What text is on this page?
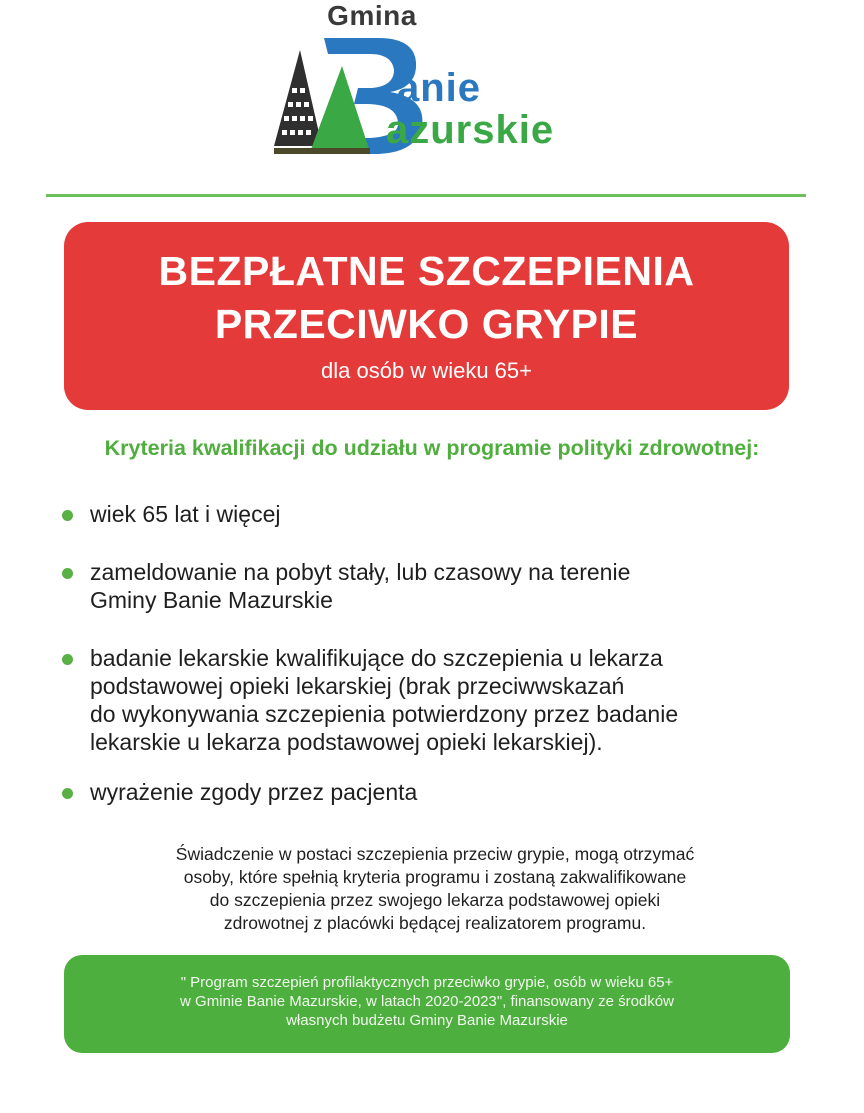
Gmina
anie
azurskie
BEZPŁATNE SZCZEPIENIA
PRZECIWKO GRYPIE
dla osób w wieku 65+
Kryteria kwalifikacji do udziału w programie polityki zdrowotnej:
wiek 65 lat i więcej
zameldowanie na pobyt stały, lub czasowy na terenie
Gminy Banie Mazurskie
badanie lekarskie kwalifikujące do szczepienia u lekarza
podstawowej opieki lekarskiej (brak przeciwwskazań
do wykonywania szczepienia potwierdzony przez badanie
lekarskie u lekarza podstawowej opieki lekarskiej).
wyrażenie zgody przez pacjenta
Świadczenie w postaci szczepienia przeciw grypie, mogą otrzymać
osoby, które spełnią kryteria programu i zostaną zakwalifikowane
do szczepienia przez swojego lekarza podstawowej opieki
zdrowotnej z placówki będącej realizatorem programu.
" Program szczepień profilaktycznych przeciwko grypie, osób w wieku 65+
w Gminie Banie Mazurskie, w latach 2020-2023", finansowany ze środków
własnych budżetu Gminy Banie Mazurskie
